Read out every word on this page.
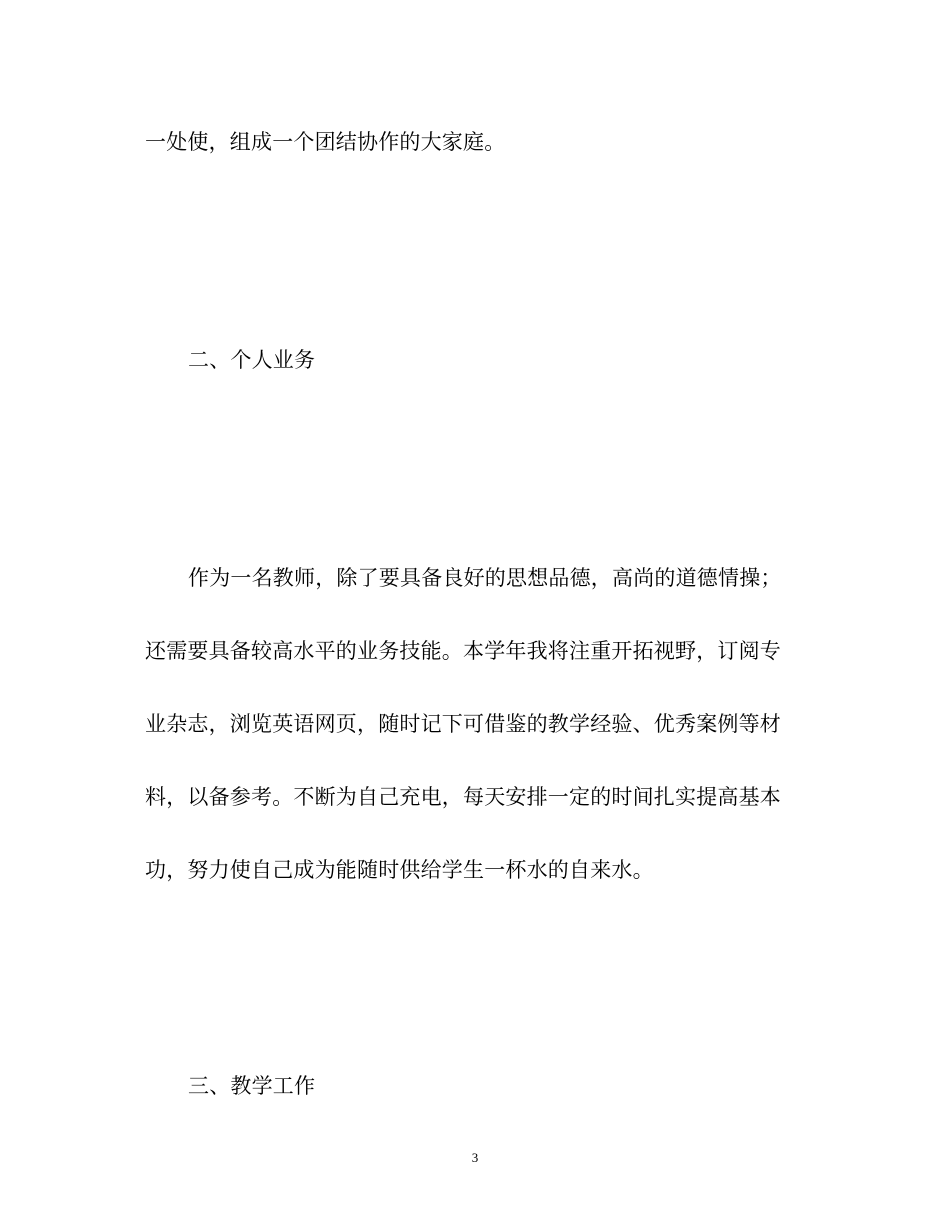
一处使，组成一个团结协作的大家庭。
二、个人业务
作为一名教师，除了要具备良好的思想品德，高尚的道德情操；
还需要具备较高水平的业务技能。本学年我将注重开拓视野，订阅专
业杂志，浏览英语网页，随时记下可借鉴的教学经验、优秀案例等材
料，以备参考。不断为自己充电，每天安排一定的时间扎实提高基本
功，努力使自己成为能随时供给学生一杯水的自来水。
三、教学工作
3
